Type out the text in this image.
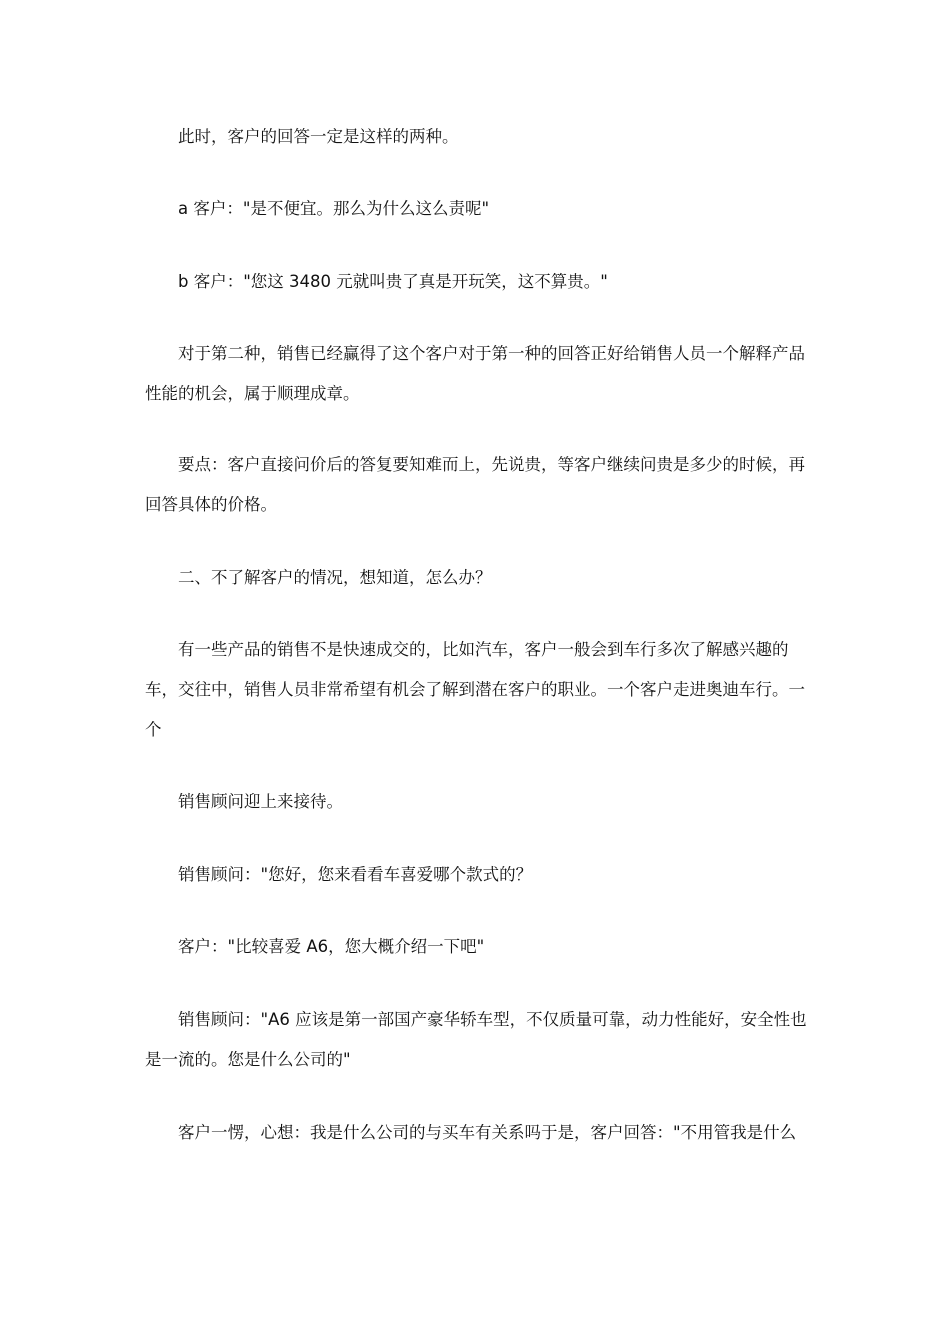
此时，客户的回答一定是这样的两种。
a 客户："是不便宜。那么为什么这么责呢"
b 客户："您这 3480 元就叫贵了真是开玩笑，这不算贵。"
对于第二种，销售已经赢得了这个客户对于第一种的回答正好给销售人员一个解释产品性能的机会，属于顺理成章。
要点：客户直接问价后的答复要知难而上，先说贵，等客户继续问贵是多少的时候，再回答具体的价格。
二、不了解客户的情况，想知道，怎么办？
有一些产品的销售不是快速成交的，比如汽车，客户一般会到车行多次了解感兴趣的车，交往中，销售人员非常希望有机会了解到潜在客户的职业。一个客户走进奥迪车行。一个
销售顾问迎上来接待。
销售顾问："您好，您来看看车喜爱哪个款式的？
客户："比较喜爱 A6，您大概介绍一下吧"
销售顾问："A6 应该是第一部国产豪华轿车型，不仅质量可靠，动力性能好，安全性也是一流的。您是什么公司的"
客户一愣，心想：我是什么公司的与买车有关系吗于是，客户回答："不用管我是什么
